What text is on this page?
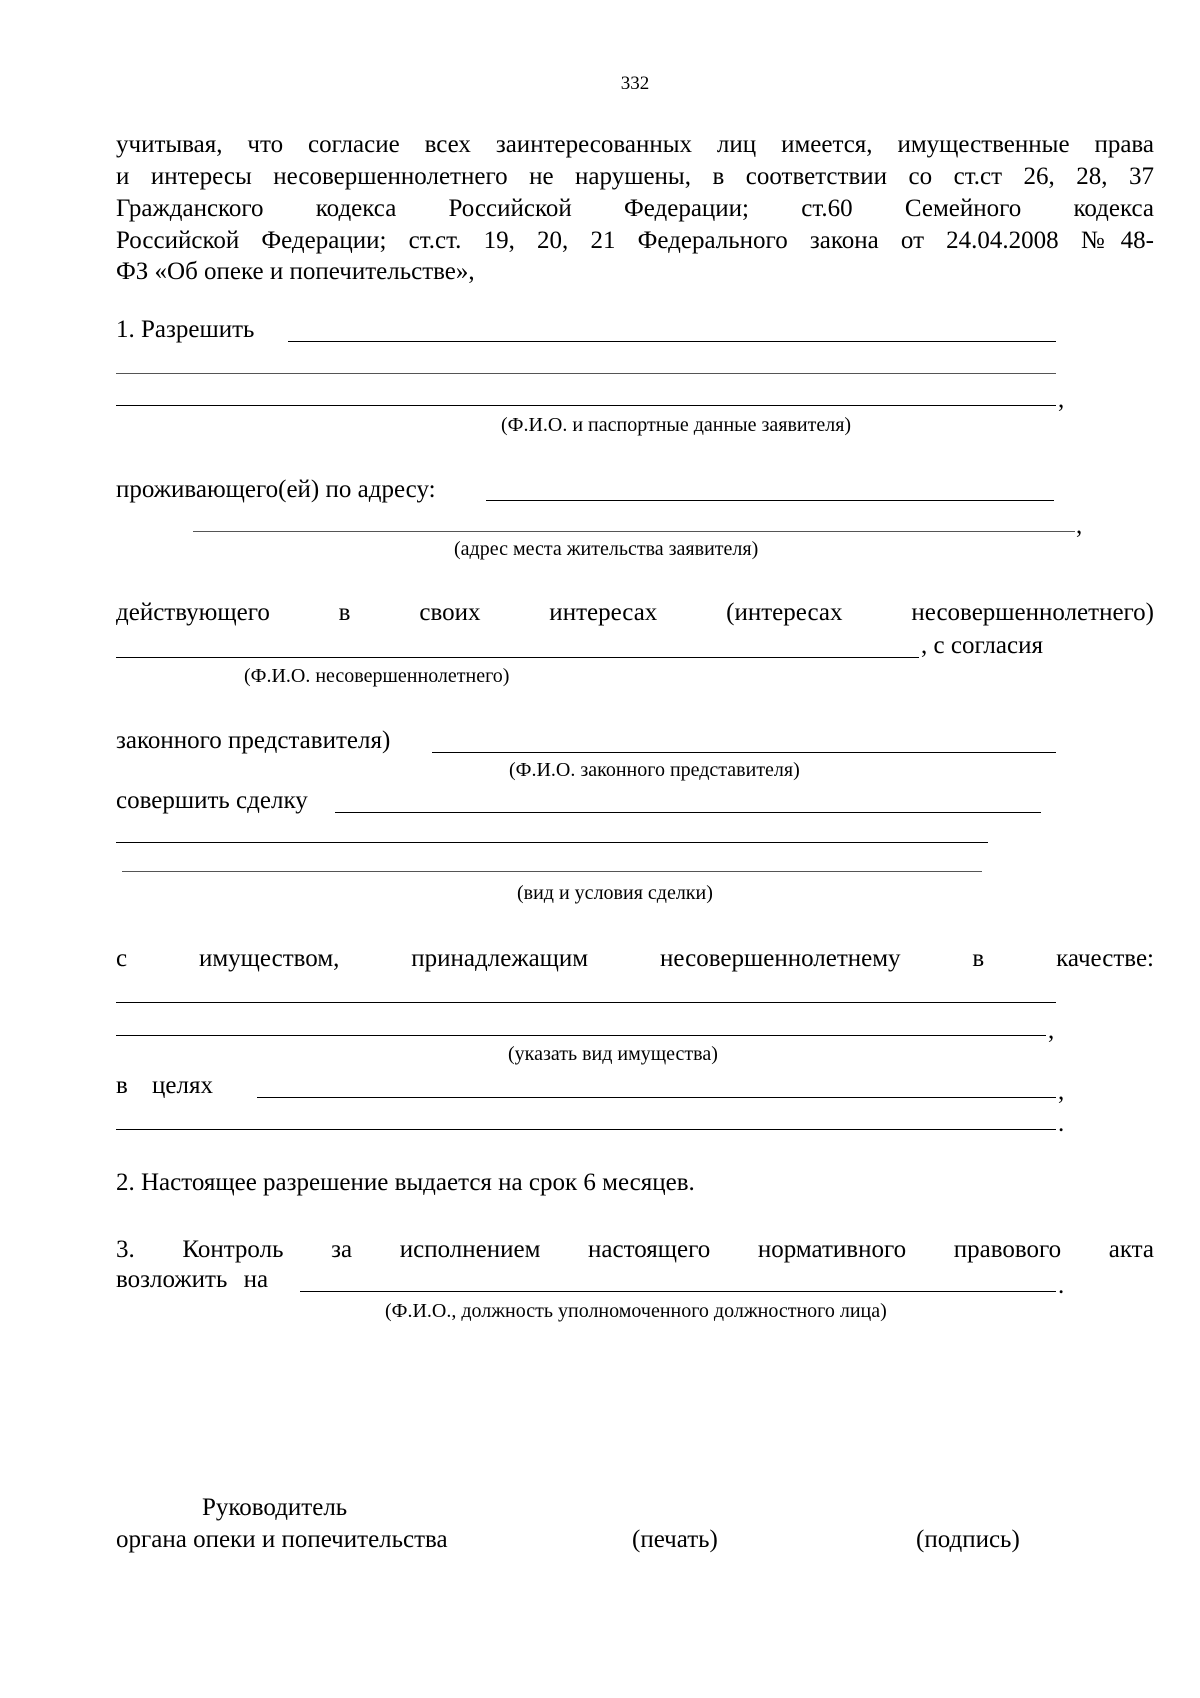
332
учитывая, что согласие всех заинтересованных лиц имеется, имущественные права
и интересы несовершеннолетнего не нарушены, в соответствии со ст.ст 26, 28, 37
Гражданского кодекса Российской Федерации; ст.60 Семейного кодекса
Российской Федерации; ст.ст. 19, 20, 21 Федерального закона от 24.04.2008 №48-
ФЗ «Об опеке и попечительстве»,
1. Разрешить
,
(Ф.И.О. и паспортные данные заявителя)
проживающего(ей) по адресу:
,
(адрес места жительства заявителя)
действующего в своих интересах (интересах несовершеннолетнего)
, с согласия
(Ф.И.О. несовершеннолетнего)
законного представителя)
(Ф.И.О. законного представителя)
совершить сделку
(вид и условия сделки)
с имуществом, принадлежащим несовершеннолетнему в качестве:
,
(указать вид имущества)
в целях	,
.
2. Настоящее разрешение выдается на срок 6 месяцев.
3. Контроль за исполнением настоящего нормативного правового акта
возложить на	.
(Ф.И.О., должность уполномоченного должностного лица)
Руководитель
органа опеки и попечительства	(печать)	(подпись)
